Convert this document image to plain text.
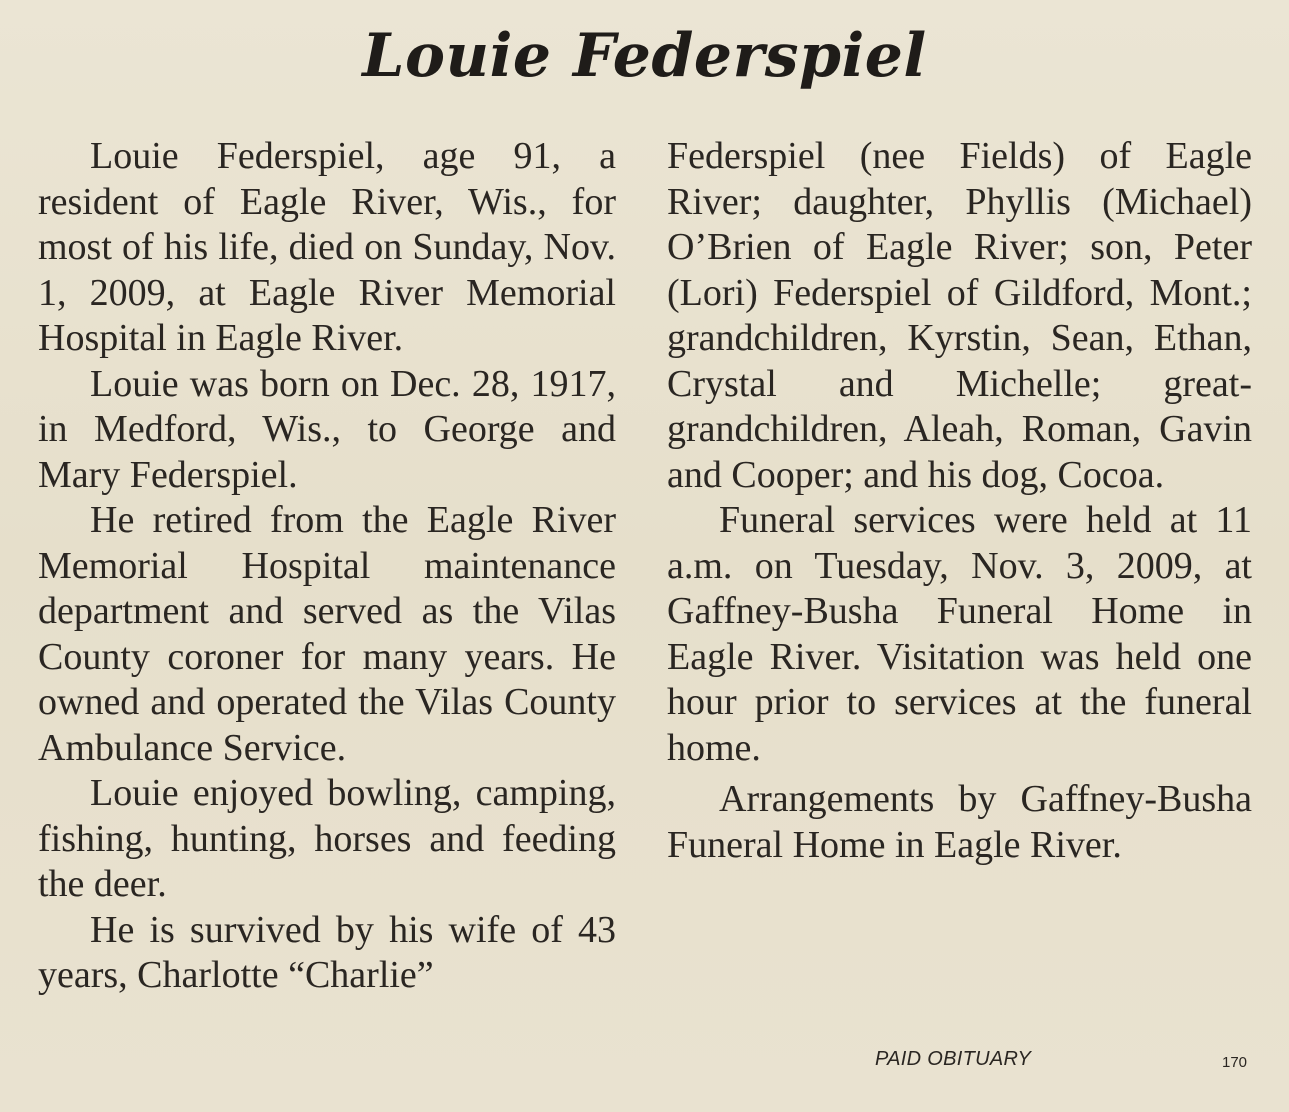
Louie Federspiel

Louie Federspiel, age 91, a resident of Eagle River, Wis., for most of his life, died on Sunday, Nov. 1, 2009, at Eagle River Memorial Hospital in Eagle River.

Louie was born on Dec. 28, 1917, in Medford, Wis., to George and Mary Federspiel.

He retired from the Eagle River Memorial Hospital maintenance department and served as the Vilas County coroner for many years. He owned and operated the Vilas County Ambulance Service.

Louie enjoyed bowling, camping, fishing, hunting, horses and feeding the deer.

He is survived by his wife of 43 years, Charlotte “Charlie”

Federspiel (nee Fields) of Eagle River; daughter, Phyllis (Michael) O’Brien of Eagle River; son, Peter (Lori) Federspiel of Gildford, Mont.; grandchildren, Kyrstin, Sean, Ethan, Crystal and Michelle; great-grandchildren, Aleah, Roman, Gavin and Cooper; and his dog, Cocoa.

Funeral services were held at 11 a.m. on Tuesday, Nov. 3, 2009, at Gaffney-Busha Funeral Home in Eagle River. Visitation was held one hour prior to services at the funeral home.

Arrangements by Gaffney-Busha Funeral Home in Eagle River.

PAID OBITUARY	170
